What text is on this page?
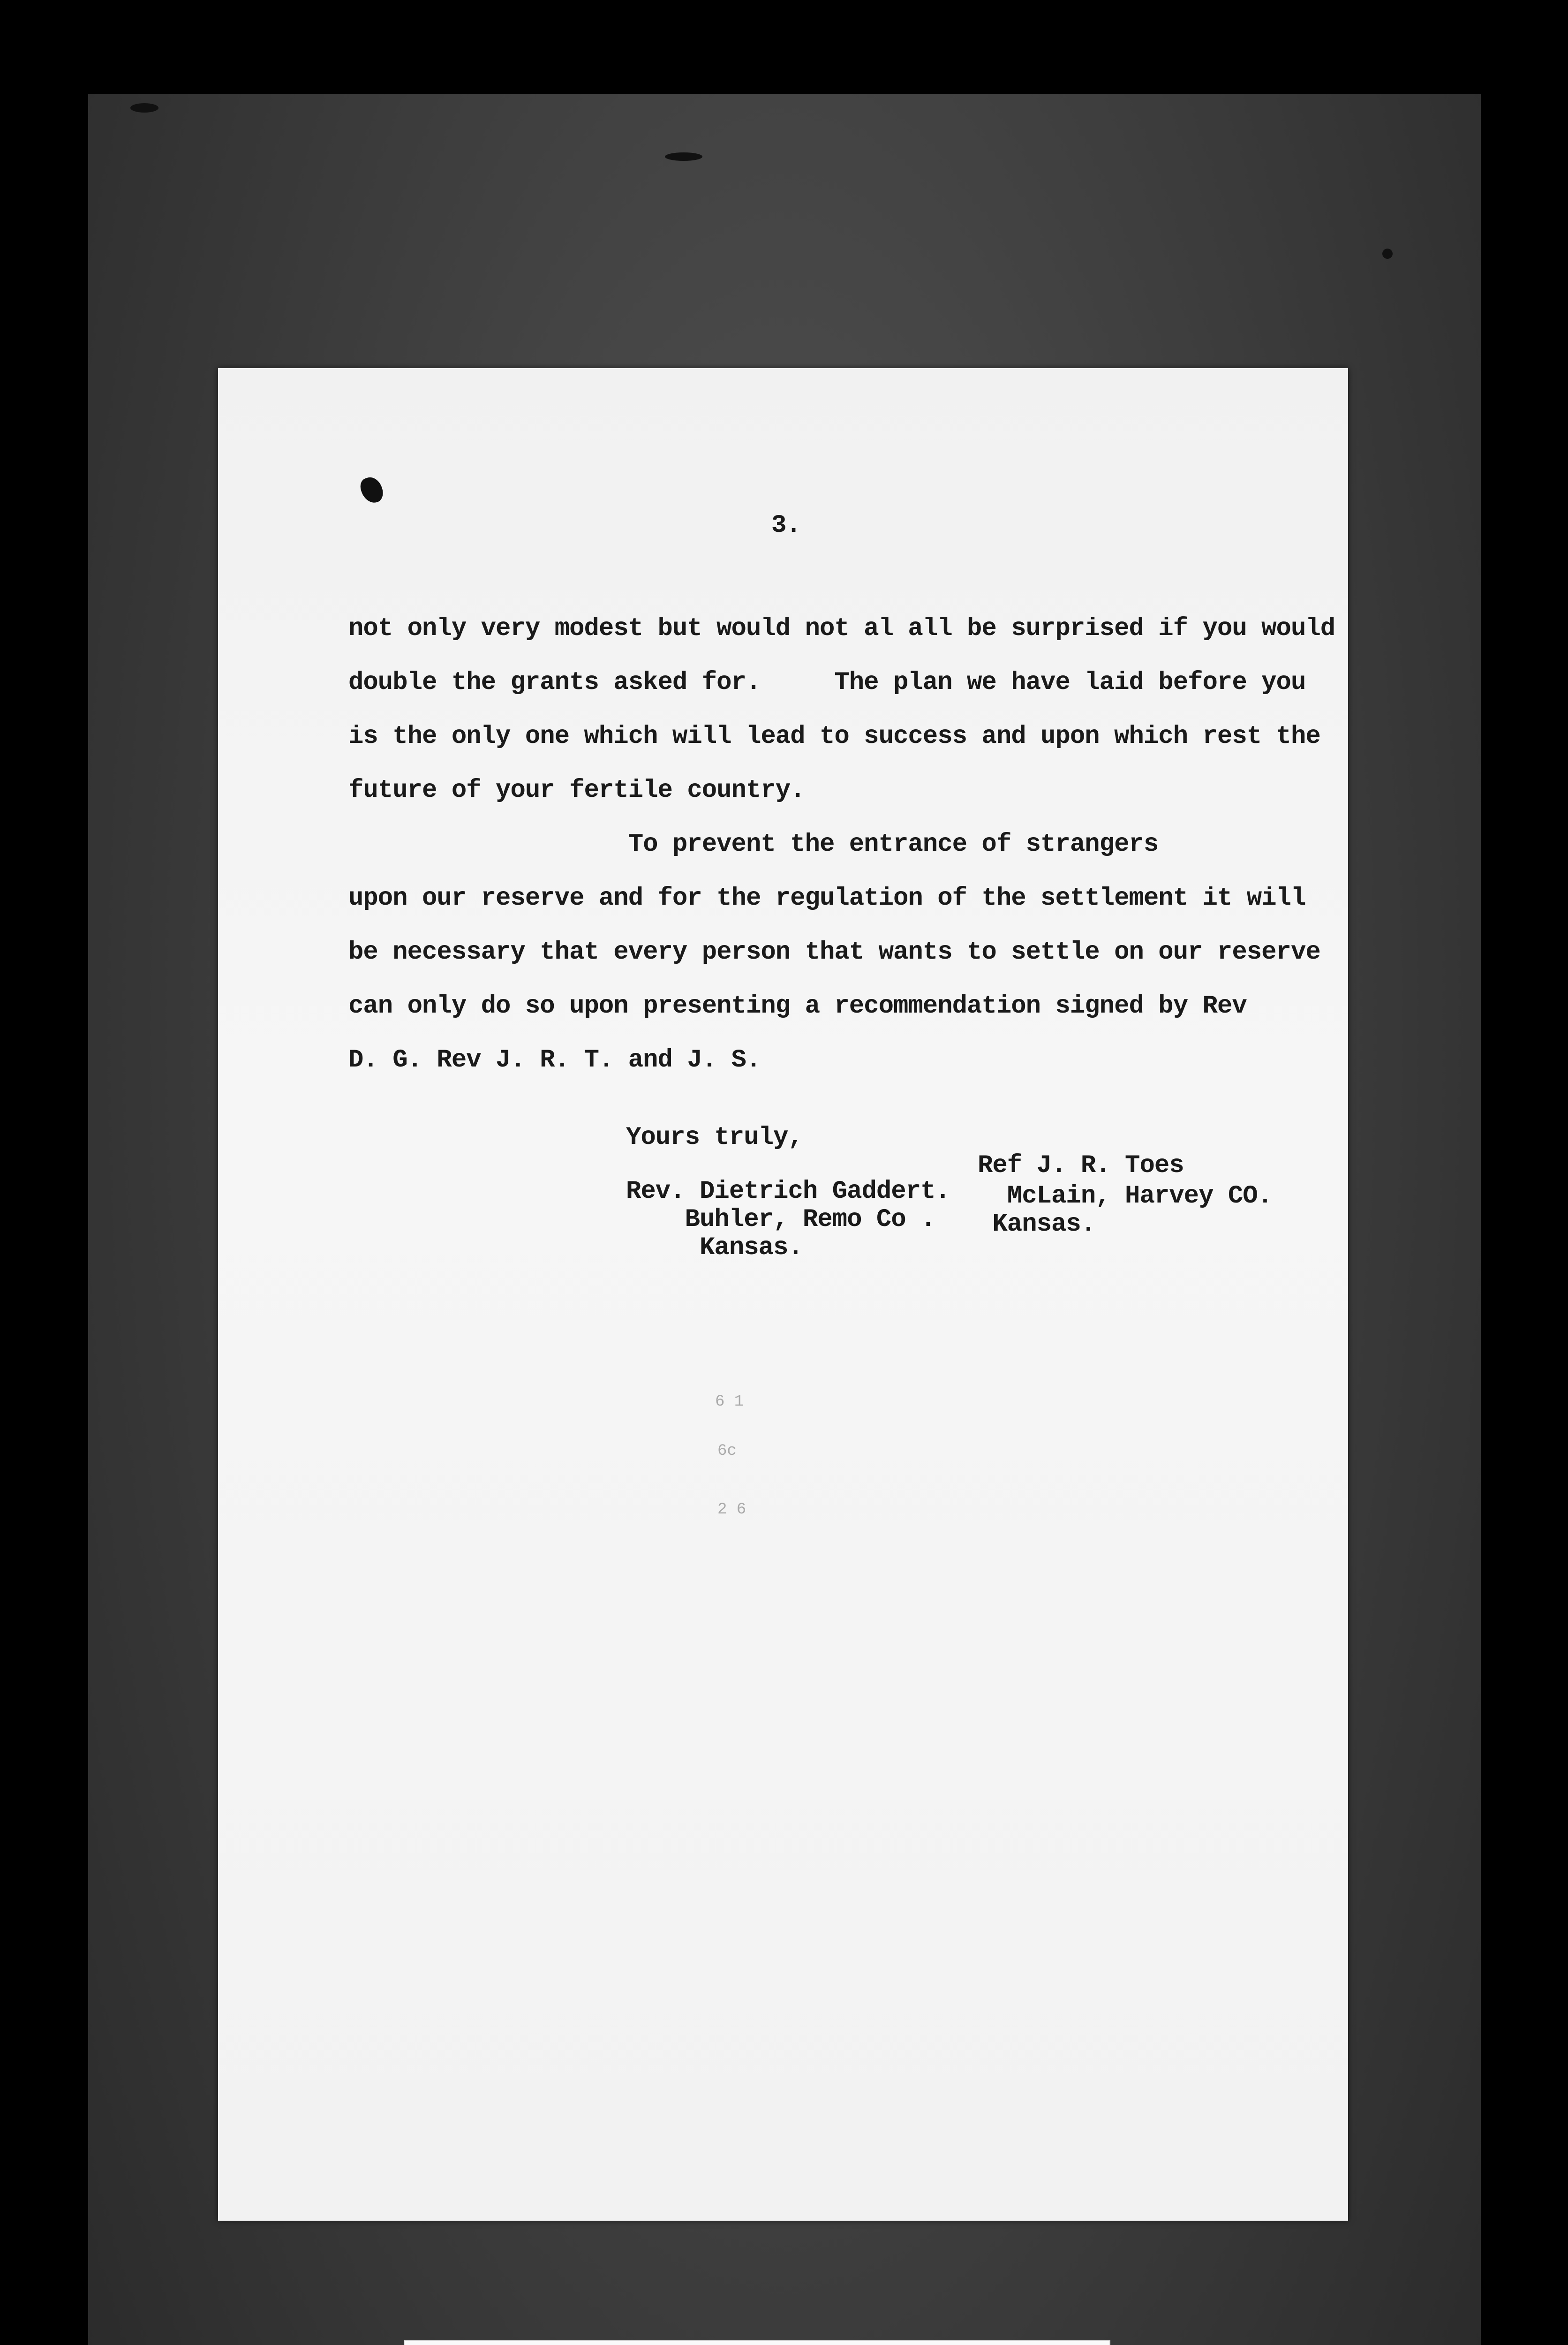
3.

not only very modest but would not al all be surprised if you would

double the grants asked for.     The plan we have laid before you

is the only one which will lead to success and upon which rest the

future of your fertile country.

To prevent the entrance of strangers

upon our reserve and for the regulation of the settlement it will

be necessary that every person that wants to settle on our reserve

can only do so upon presenting a recommendation signed by Rev

D. G. Rev J. R. T. and J. S.

Yours truly,

Rev. Dietrich Gaddert.

Buhler, Remo Co .

Kansas.

Ref J. R. Toes

McLain, Harvey CO.

Kansas.

6 1
6c
2 6
